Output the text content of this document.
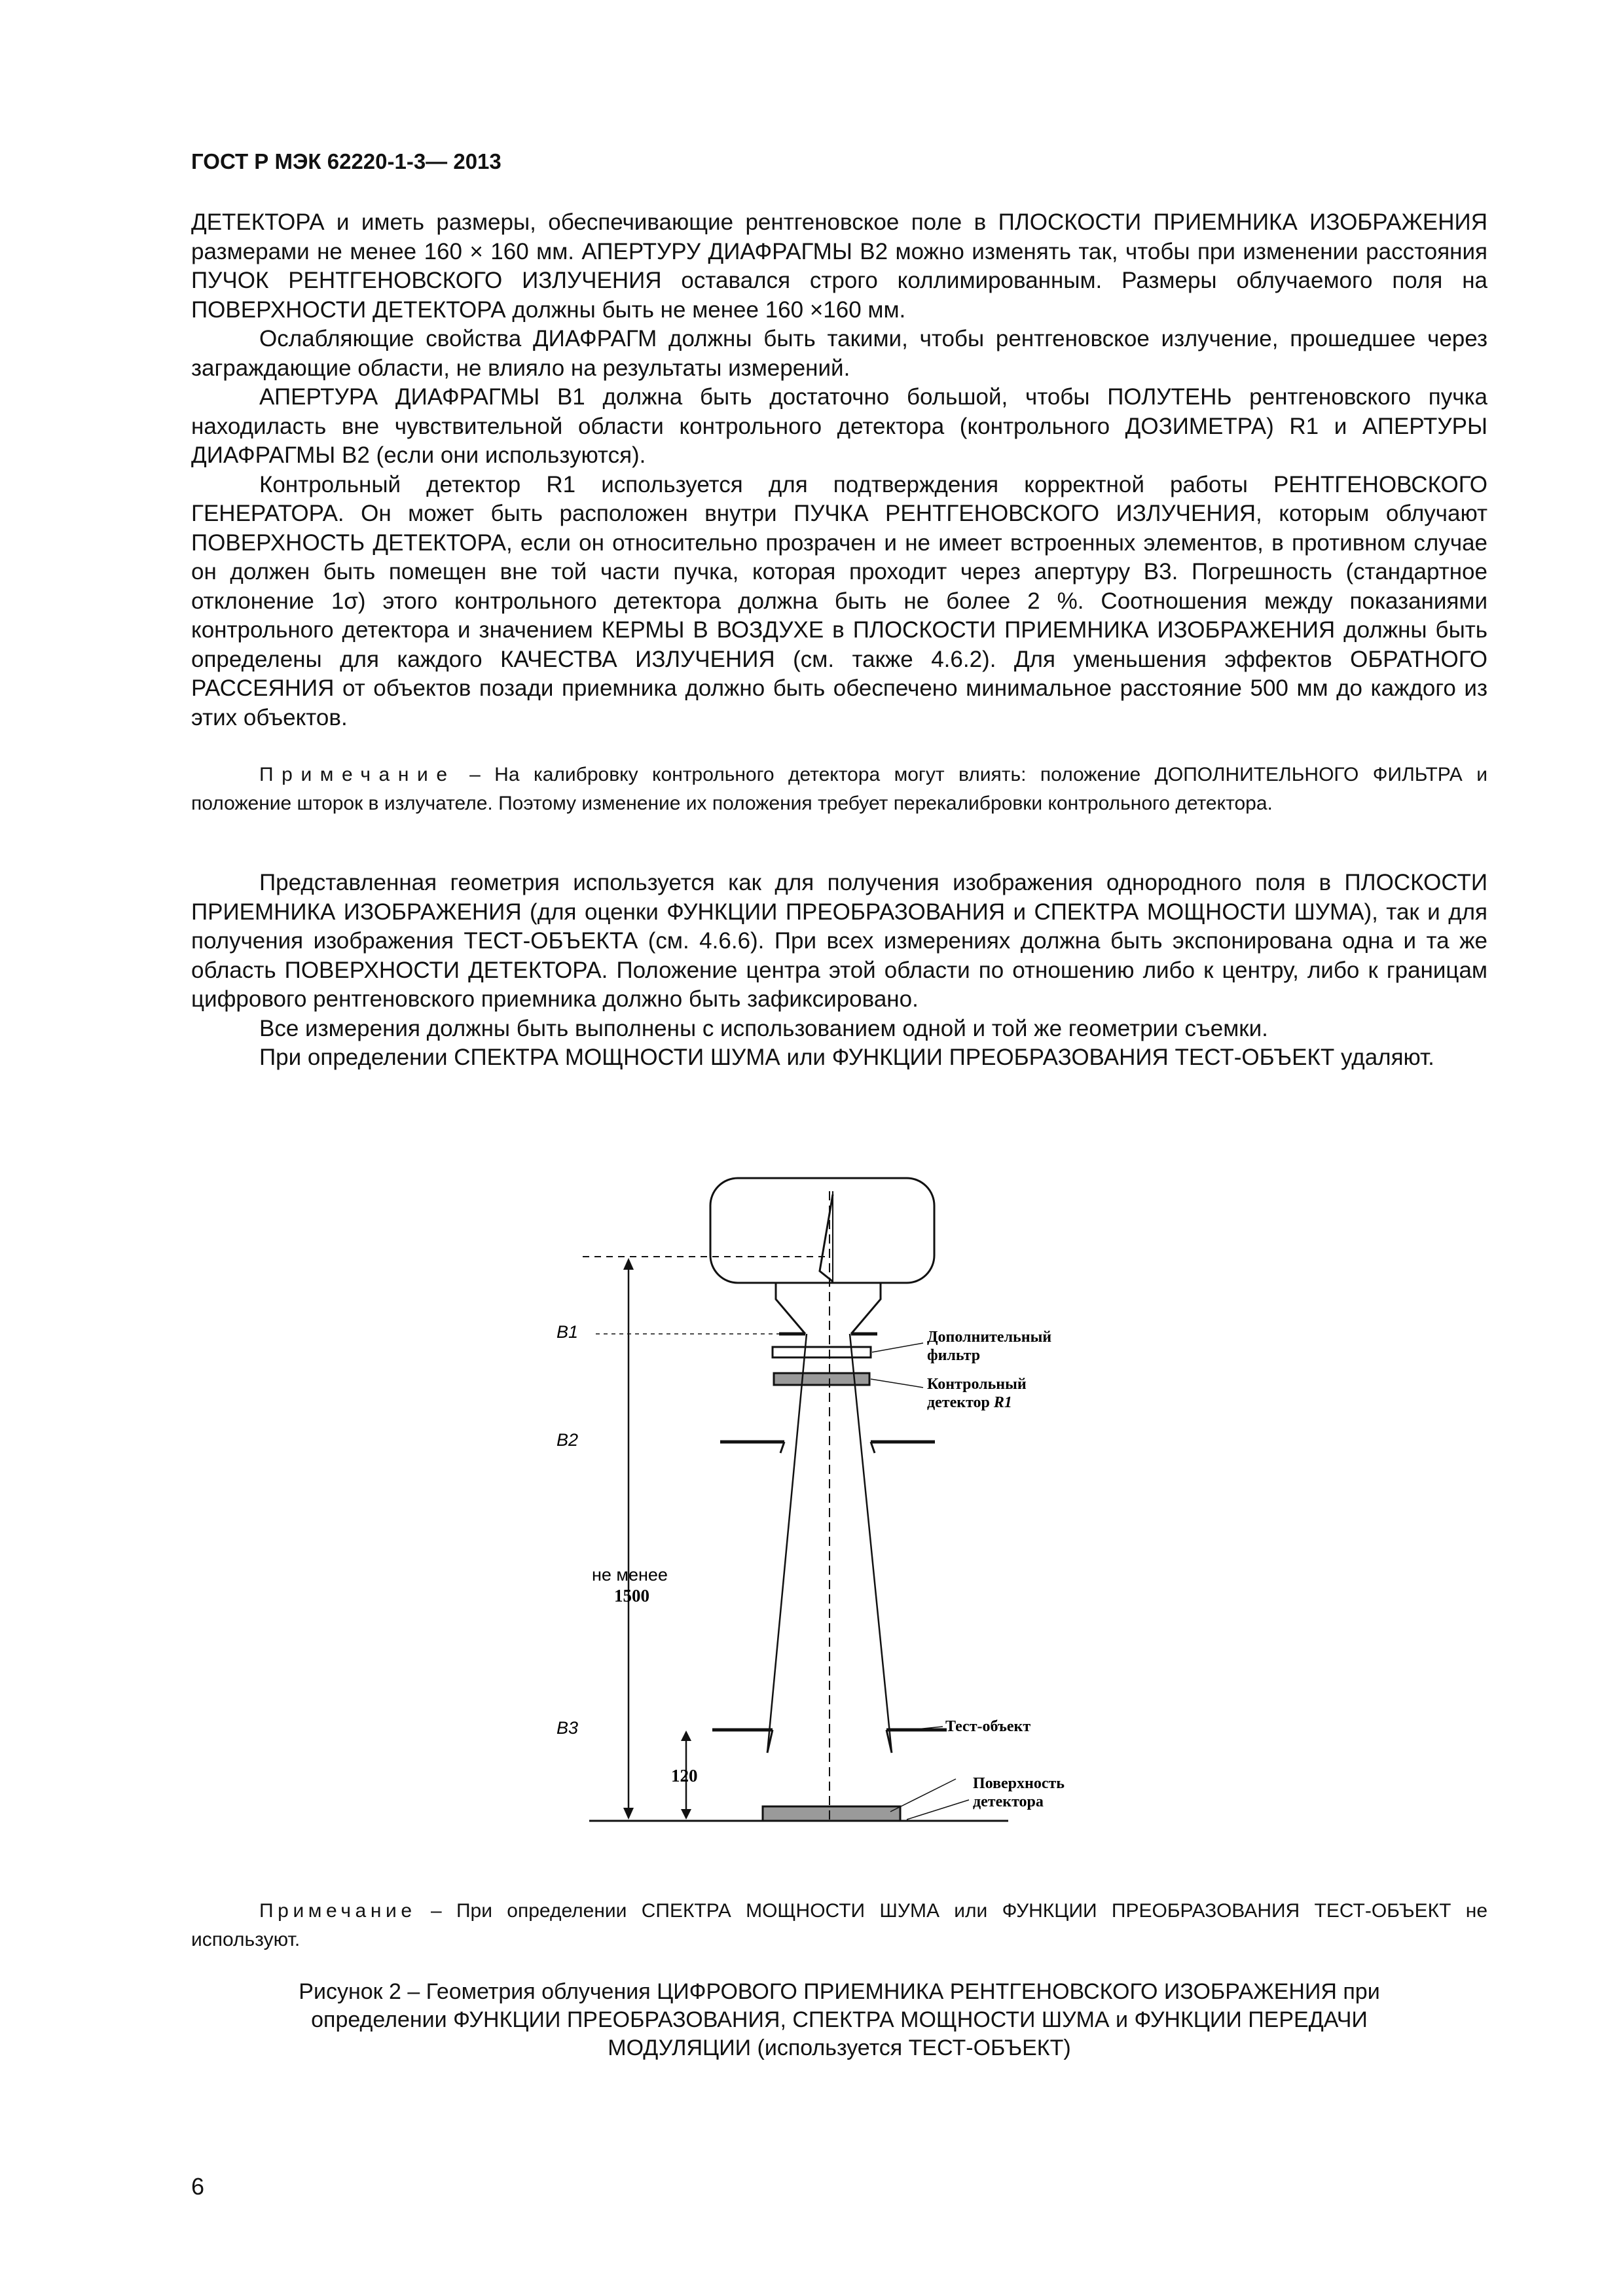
ГОСТ Р МЭК 62220-1-3— 2013

ДЕТЕКТОРА и иметь размеры, обеспечивающие рентгеновское поле в ПЛОСКОСТИ ПРИЕМНИКА ИЗОБРАЖЕНИЯ размерами не менее 160 × 160 мм. АПЕРТУРУ ДИАФРАГМЫ В2 можно изменять так, чтобы при изменении расстояния ПУЧОК РЕНТГЕНОВСКОГО ИЗЛУЧЕНИЯ оставался строго коллимированным. Размеры облучаемого поля на ПОВЕРХНОСТИ ДЕТЕКТОРА должны быть не менее 160 ×160 мм.

Ослабляющие свойства ДИАФРАГМ должны быть такими, чтобы рентгеновское излучение, прошедшее через заграждающие области, не влияло на результаты измерений.

АПЕРТУРА ДИАФРАГМЫ В1 должна быть достаточно большой, чтобы ПОЛУТЕНЬ рентгеновского пучка находиласть вне чувствительной области контрольного детектора (контрольного ДОЗИМЕТРА) R1 и АПЕРТУРЫ ДИАФРАГМЫ В2 (если они используются).

Контрольный детектор R1 используется для подтверждения корректной работы РЕНТГЕНОВСКОГО ГЕНЕРАТОРА. Он может быть расположен внутри ПУЧКА РЕНТГЕНОВСКОГО ИЗЛУЧЕНИЯ, которым облучают ПОВЕРХНОСТЬ ДЕТЕКТОРА, если он относительно прозрачен и не имеет встроенных элементов, в противном случае он должен быть помещен вне той части пучка, которая проходит через апертуру В3. Погрешность (стандартное отклонение 1σ) этого контрольного детектора должна быть не более 2 %. Соотношения между показаниями контрольного детектора и значением КЕРМЫ В ВОЗДУХЕ в ПЛОСКОСТИ ПРИЕМНИКА ИЗОБРАЖЕНИЯ должны быть определены для каждого КАЧЕСТВА ИЗЛУЧЕНИЯ (см. также 4.6.2). Для уменьшения эффектов ОБРАТНОГО РАССЕЯНИЯ от объектов позади приемника должно быть обеспечено минимальное расстояние 500 мм до каждого из этих объектов.

Примечание – На калибровку контрольного детектора могут влиять: положение ДОПОЛНИТЕЛЬНОГО ФИЛЬТРА и положение шторок в излучателе. Поэтому изменение их положения требует перекалибровки контрольного детектора.

Представленная геометрия используется как для получения изображения однородного поля в ПЛОСКОСТИ ПРИЕМНИКА ИЗОБРАЖЕНИЯ (для оценки ФУНКЦИИ ПРЕОБРАЗОВАНИЯ и СПЕКТРА МОЩНОСТИ ШУМА), так и для получения изображения ТЕСТ-ОБЪЕКТА (см. 4.6.6). При всех измерениях должна быть экспонирована одна и та же область ПОВЕРХНОСТИ ДЕТЕКТОРА. Положение центра этой области по отношению либо к центру, либо к границам цифрового рентгеновского приемника должно быть зафиксировано.

Все измерения должны быть выполнены с использованием одной и той же геометрии съемки.

При определении СПЕКТРА МОЩНОСТИ ШУМА или ФУНКЦИИ ПРЕОБРАЗОВАНИЯ ТЕСТ-ОБЪЕКТ удаляют.

В1
В2
В3
Дополнительный
фильтр
Контрольный
детектор R1
не менее
1500
120
Тест-объект
Поверхность
детектора

Примечание – При определении СПЕКТРА МОЩНОСТИ ШУМА или ФУНКЦИИ ПРЕОБРАЗОВАНИЯ ТЕСТ-ОБЪЕКТ не используют.

Рисунок 2 – Геометрия облучения ЦИФРОВОГО ПРИЕМНИКА РЕНТГЕНОВСКОГО ИЗОБРАЖЕНИЯ при
определении ФУНКЦИИ ПРЕОБРАЗОВАНИЯ, СПЕКТРА МОЩНОСТИ ШУМА и ФУНКЦИИ ПЕРЕДАЧИ
МОДУЛЯЦИИ (используется ТЕСТ-ОБЪЕКТ)
6
